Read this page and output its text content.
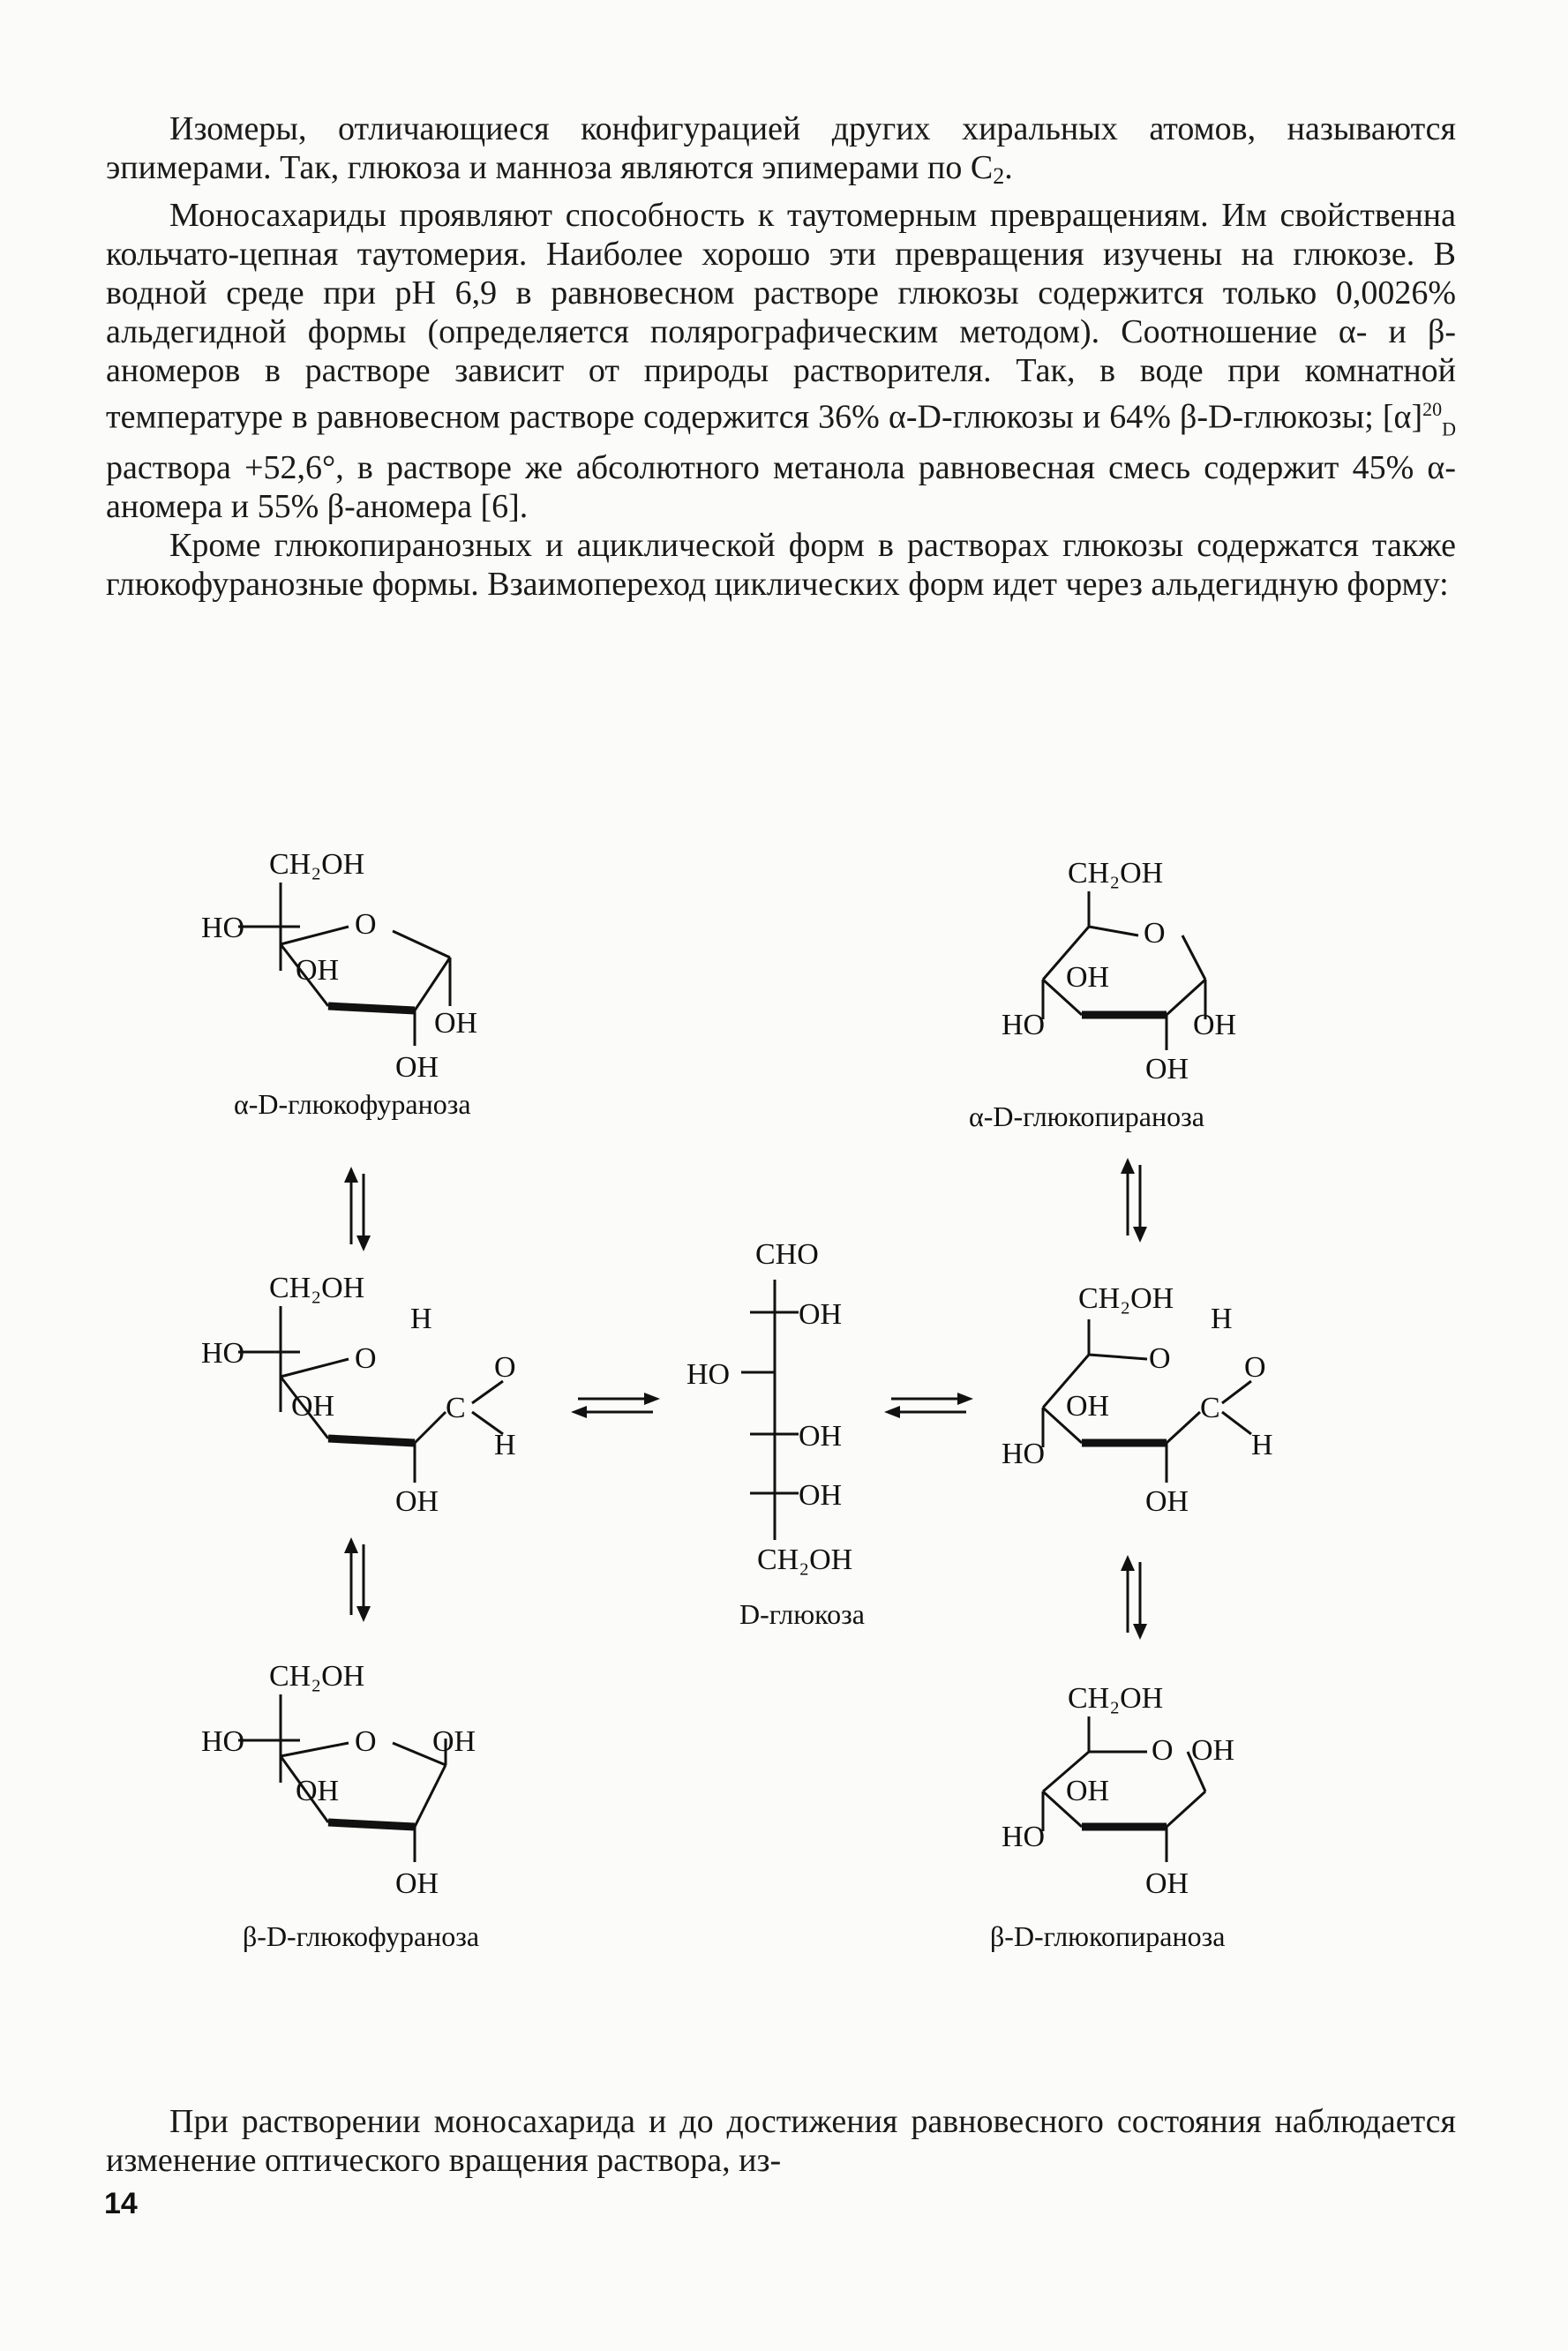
Изомеры, отличающиеся конфигурацией других хиральных атомов, называются эпимерами. Так, глюкоза и манноза являются эпимерами по $C_2$.

Моносахариды проявляют способность к таутомерным превращениям. Им свойственна кольчато-цепная таутомерия. Наиболее хорошо эти превращения изучены на глюкозе. В водной среде при pH 6,9 в равновесном растворе глюкозы содержится только 0,0026% альдегидной формы (определяется полярографическим методом). Соотношение α- и β-аномеров в растворе зависит от природы растворителя. Так, в воде при комнатной температуре в равновесном растворе содержится 36% α-D-глюкозы и 64% β-D-глюкозы; $[\alpha]^{20}_D$ раствора +52,6°, в растворе же абсолютного метанола равновесная смесь содержит 45% α-аномера и 55% β-аномера [6].

Кроме глюкопиранозных и ациклической форм в растворах глюкозы содержатся также глюкофуранозные формы. Взаимопереход циклических форм идет через альдегидную форму:

CH₂OH
HO	O
OH
OH
OH
CH₂OH
O
OH
HO	OH
OH
CH₂OH
HO	O
H
OH	C
O
H
OH
CHO
OH
HO
OH
OH
CH₂OH
CH₂OH
H
O
OH	C
O
H
HO
OH
CH₂OH
HO	O OH
OH
OH
CH₂OH
O OH
OH
HO
OH
α-D-глюкофураноза	α-D-глюкопираноза
D-глюкоза
β-D-глюкофураноза	β-D-глюкопираноза

При растворении моносахарида и до достижения равновесного состояния наблюдается изменение оптического вращения раствора, из-

14
